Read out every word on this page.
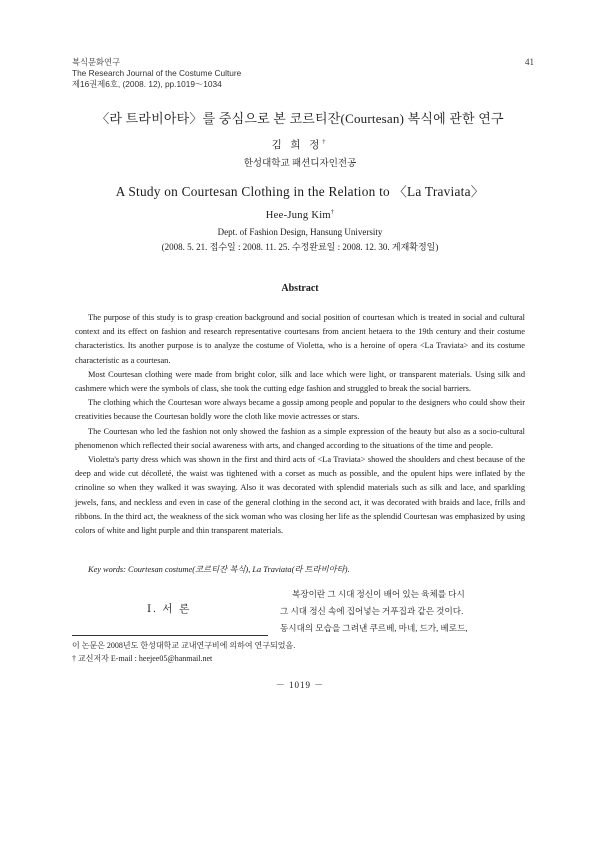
복식문화연구
The Research Journal of the Costume Culture
제16권제6호, (2008. 12), pp.1019～1034
41
〈라 트라비아타〉를 중심으로 본 코르티잔(Courtesan) 복식에 관한 연구
김 희 정†
한성대학교 패션디자인전공
A Study on Courtesan Clothing in the Relation to 〈La Traviata〉
Hee-Jung Kim†
Dept. of Fashion Design, Hansung University
(2008. 5. 21. 접수일 : 2008. 11. 25. 수정완료일 : 2008. 12. 30. 게재확정일)
Abstract

The purpose of this study is to grasp creation background and social position of courtesan which is treated in social and cultural context and its effect on fashion and research representative courtesans from ancient hetaera to the 19th century and their costume characteristics. Its another purpose is to analyze the costume of Violetta, who is a heroine of opera <La Traviata> and its costume characteristic as a courtesan.

Most Courtesan clothing were made from bright color, silk and lace which were light, or transparent materials. Using silk and cashmere which were the symbols of class, she took the cutting edge fashion and struggled to break the social barriers.

The clothing which the Courtesan wore always became a gossip among people and popular to the designers who could show their creativities because the Courtesan boldly wore the cloth like movie actresses or stars.

The Courtesan who led the fashion not only showed the fashion as a simple expression of the beauty but also as a socio-cultural phenomenon which reflected their social awareness with arts, and changed according to the situations of the time and people.

Violetta's party dress which was shown in the first and third acts of <La Traviata> showed the shoulders and chest because of the deep and wide cut décolleté, the waist was tightened with a corset as much as possible, and the opulent hips were inflated by the crinoline so when they walked it was swaying. Also it was decorated with splendid materials such as silk and lace, and sparkling jewels, fans, and neckless and even in case of the general clothing in the second act, it was decorated with braids and lace, frills and ribbons. In the third act, the weakness of the sick woman who was closing her life as the splendid Courtesan was emphasized by using colors of white and light purple and thin transparent materials.

Key words: Courtesan costume(코르티잔 복식), La Traviata(라 트라비아타).
Ⅰ. 서 론
복장이란 그 시대 정신이 배어 있는 육체를 다시
그 시대 정신 속에 집어넣는 거푸집과 같은 것이다.
동시대의 모습을 그려낸 쿠르베, 마네, 드가, 베로드,
이 논문은 2008년도 한성대학교 교내연구비에 의하여 연구되었음.
† 교신저자 E-mail : heejee05@hanmail.net
－ 1019 －
